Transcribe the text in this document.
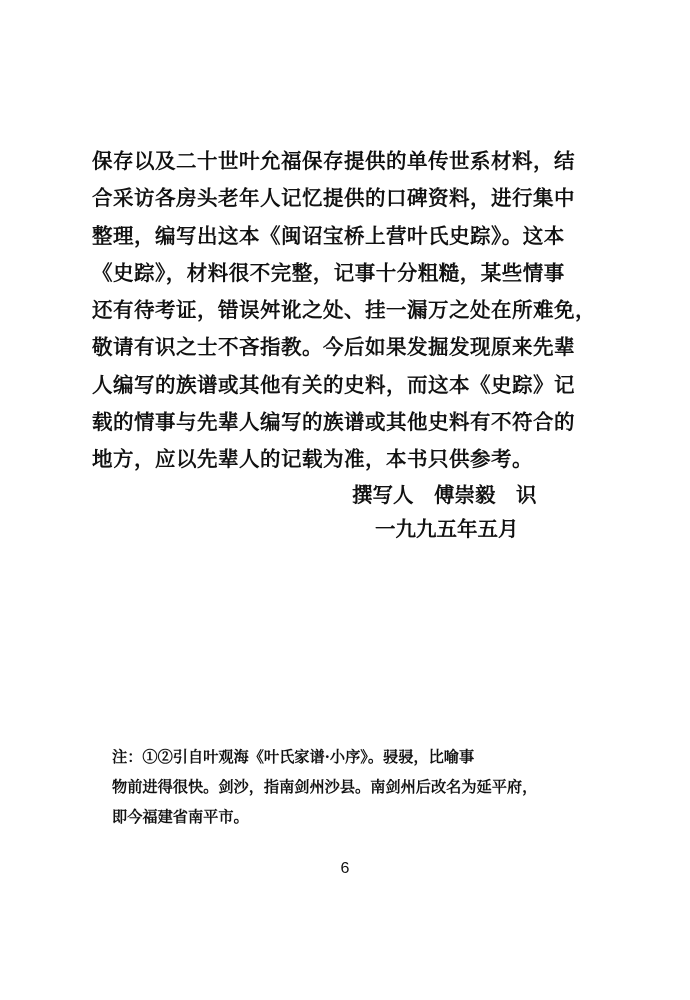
保存以及二十世叶允福保存提供的单传世系材料，结
合采访各房头老年人记忆提供的口碑资料，进行集中
整理，编写出这本《闽诏宝桥上营叶氏史踪》。这本
《史踪》，材料很不完整，记事十分粗糙，某些情事
还有待考证，错误舛讹之处、挂一漏万之处在所难免，
敬请有识之士不吝指教。今后如果发掘发现原来先辈
人编写的族谱或其他有关的史料，而这本《史踪》记
载的情事与先辈人编写的族谱或其他史料有不符合的
地方，应以先辈人的记载为准，本书只供参考。
撰写人　傅崇毅　识
一九九五年五月
注：①②引自叶观海《叶氏家谱·小序》。骎骎，比喻事
物前进得很快。剑沙，指南剑州沙县。南剑州后改名为延平府，
即今福建省南平市。
6
